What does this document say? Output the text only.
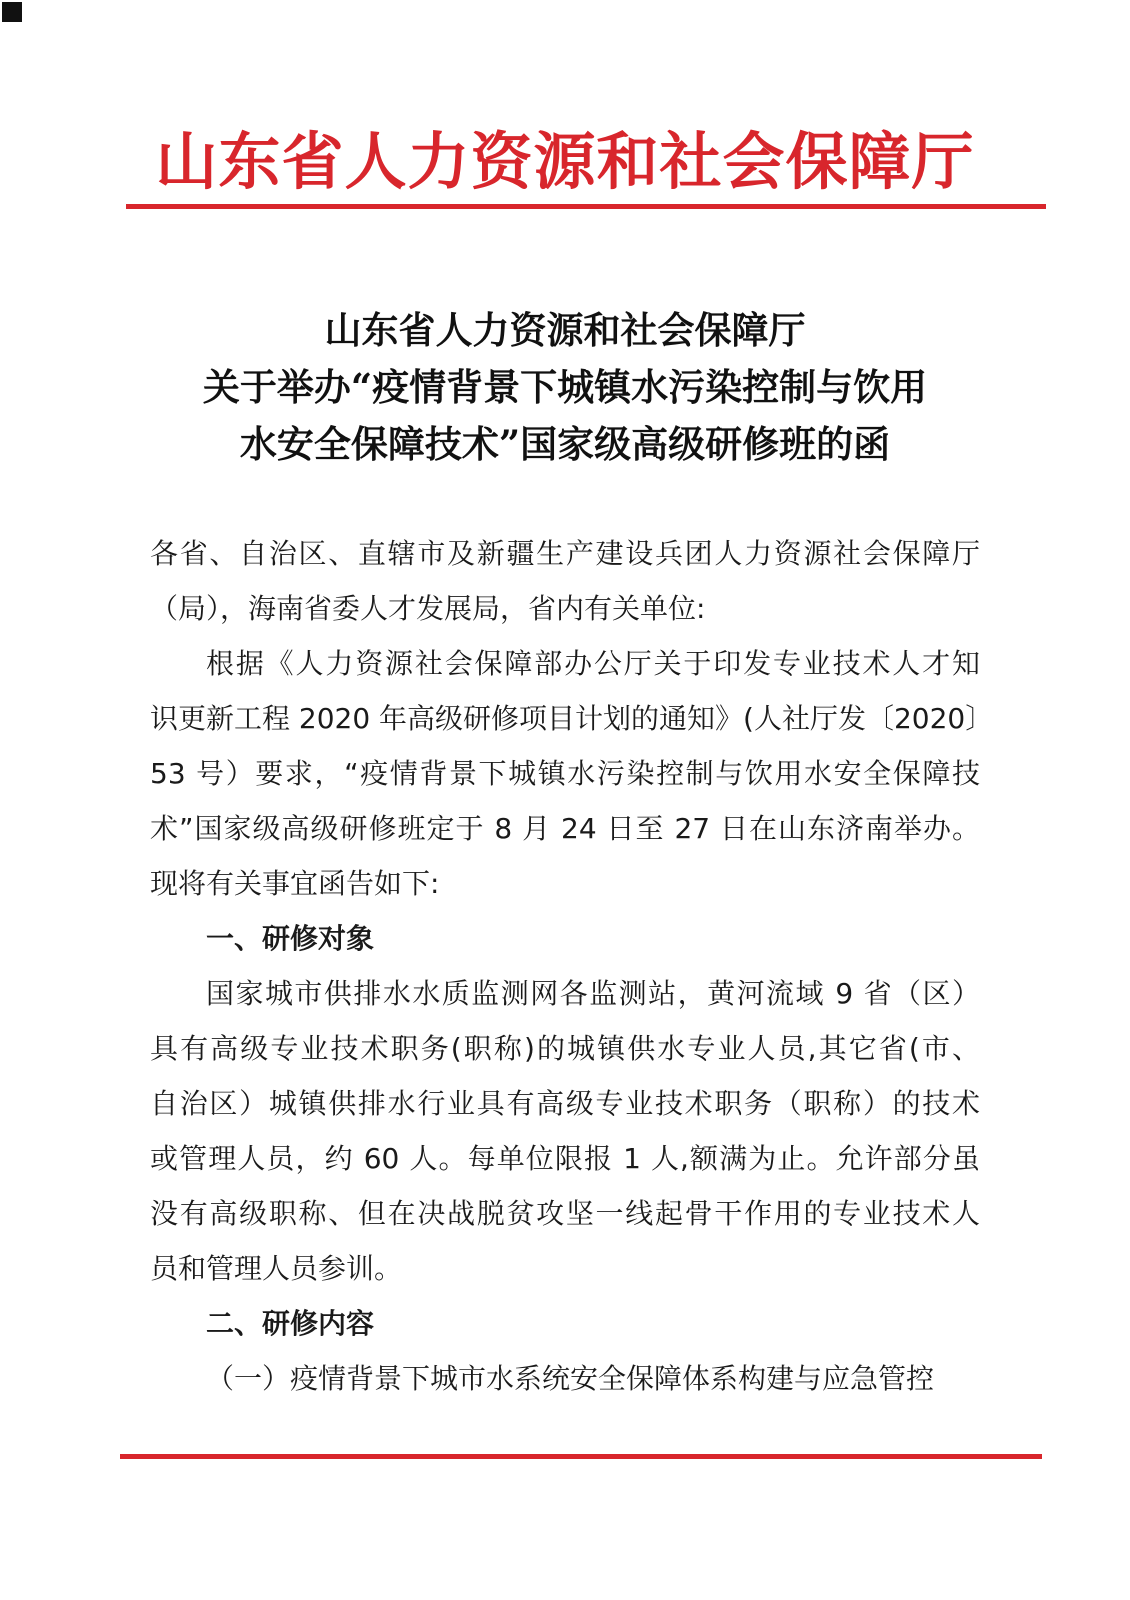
山东省人力资源和社会保障厅
山东省人力资源和社会保障厅
关于举办“疫情背景下城镇水污染控制与饮用
水安全保障技术”国家级高级研修班的函
各省、自治区、直辖市及新疆生产建设兵团人力资源社会保障厅
（局），海南省委人才发展局，省内有关单位:
根据《人力资源社会保障部办公厅关于印发专业技术人才知
识更新工程 2020 年高级研修项目计划的通知》(人社厅发〔2020〕
53 号）要求，“疫情背景下城镇水污染控制与饮用水安全保障技
术”国家级高级研修班定于 8 月 24 日至 27 日在山东济南举办。
现将有关事宜函告如下:
一、研修对象
国家城市供排水水质监测网各监测站，黄河流域 9 省（区）
具有高级专业技术职务(职称)的城镇供水专业人员,其它省(市、
自治区）城镇供排水行业具有高级专业技术职务（职称）的技术
或管理人员，约 60 人。每单位限报 1 人,额满为止。允许部分虽
没有高级职称、但在决战脱贫攻坚一线起骨干作用的专业技术人
员和管理人员参训。
二、研修内容
（一）疫情背景下城市水系统安全保障体系构建与应急管控
